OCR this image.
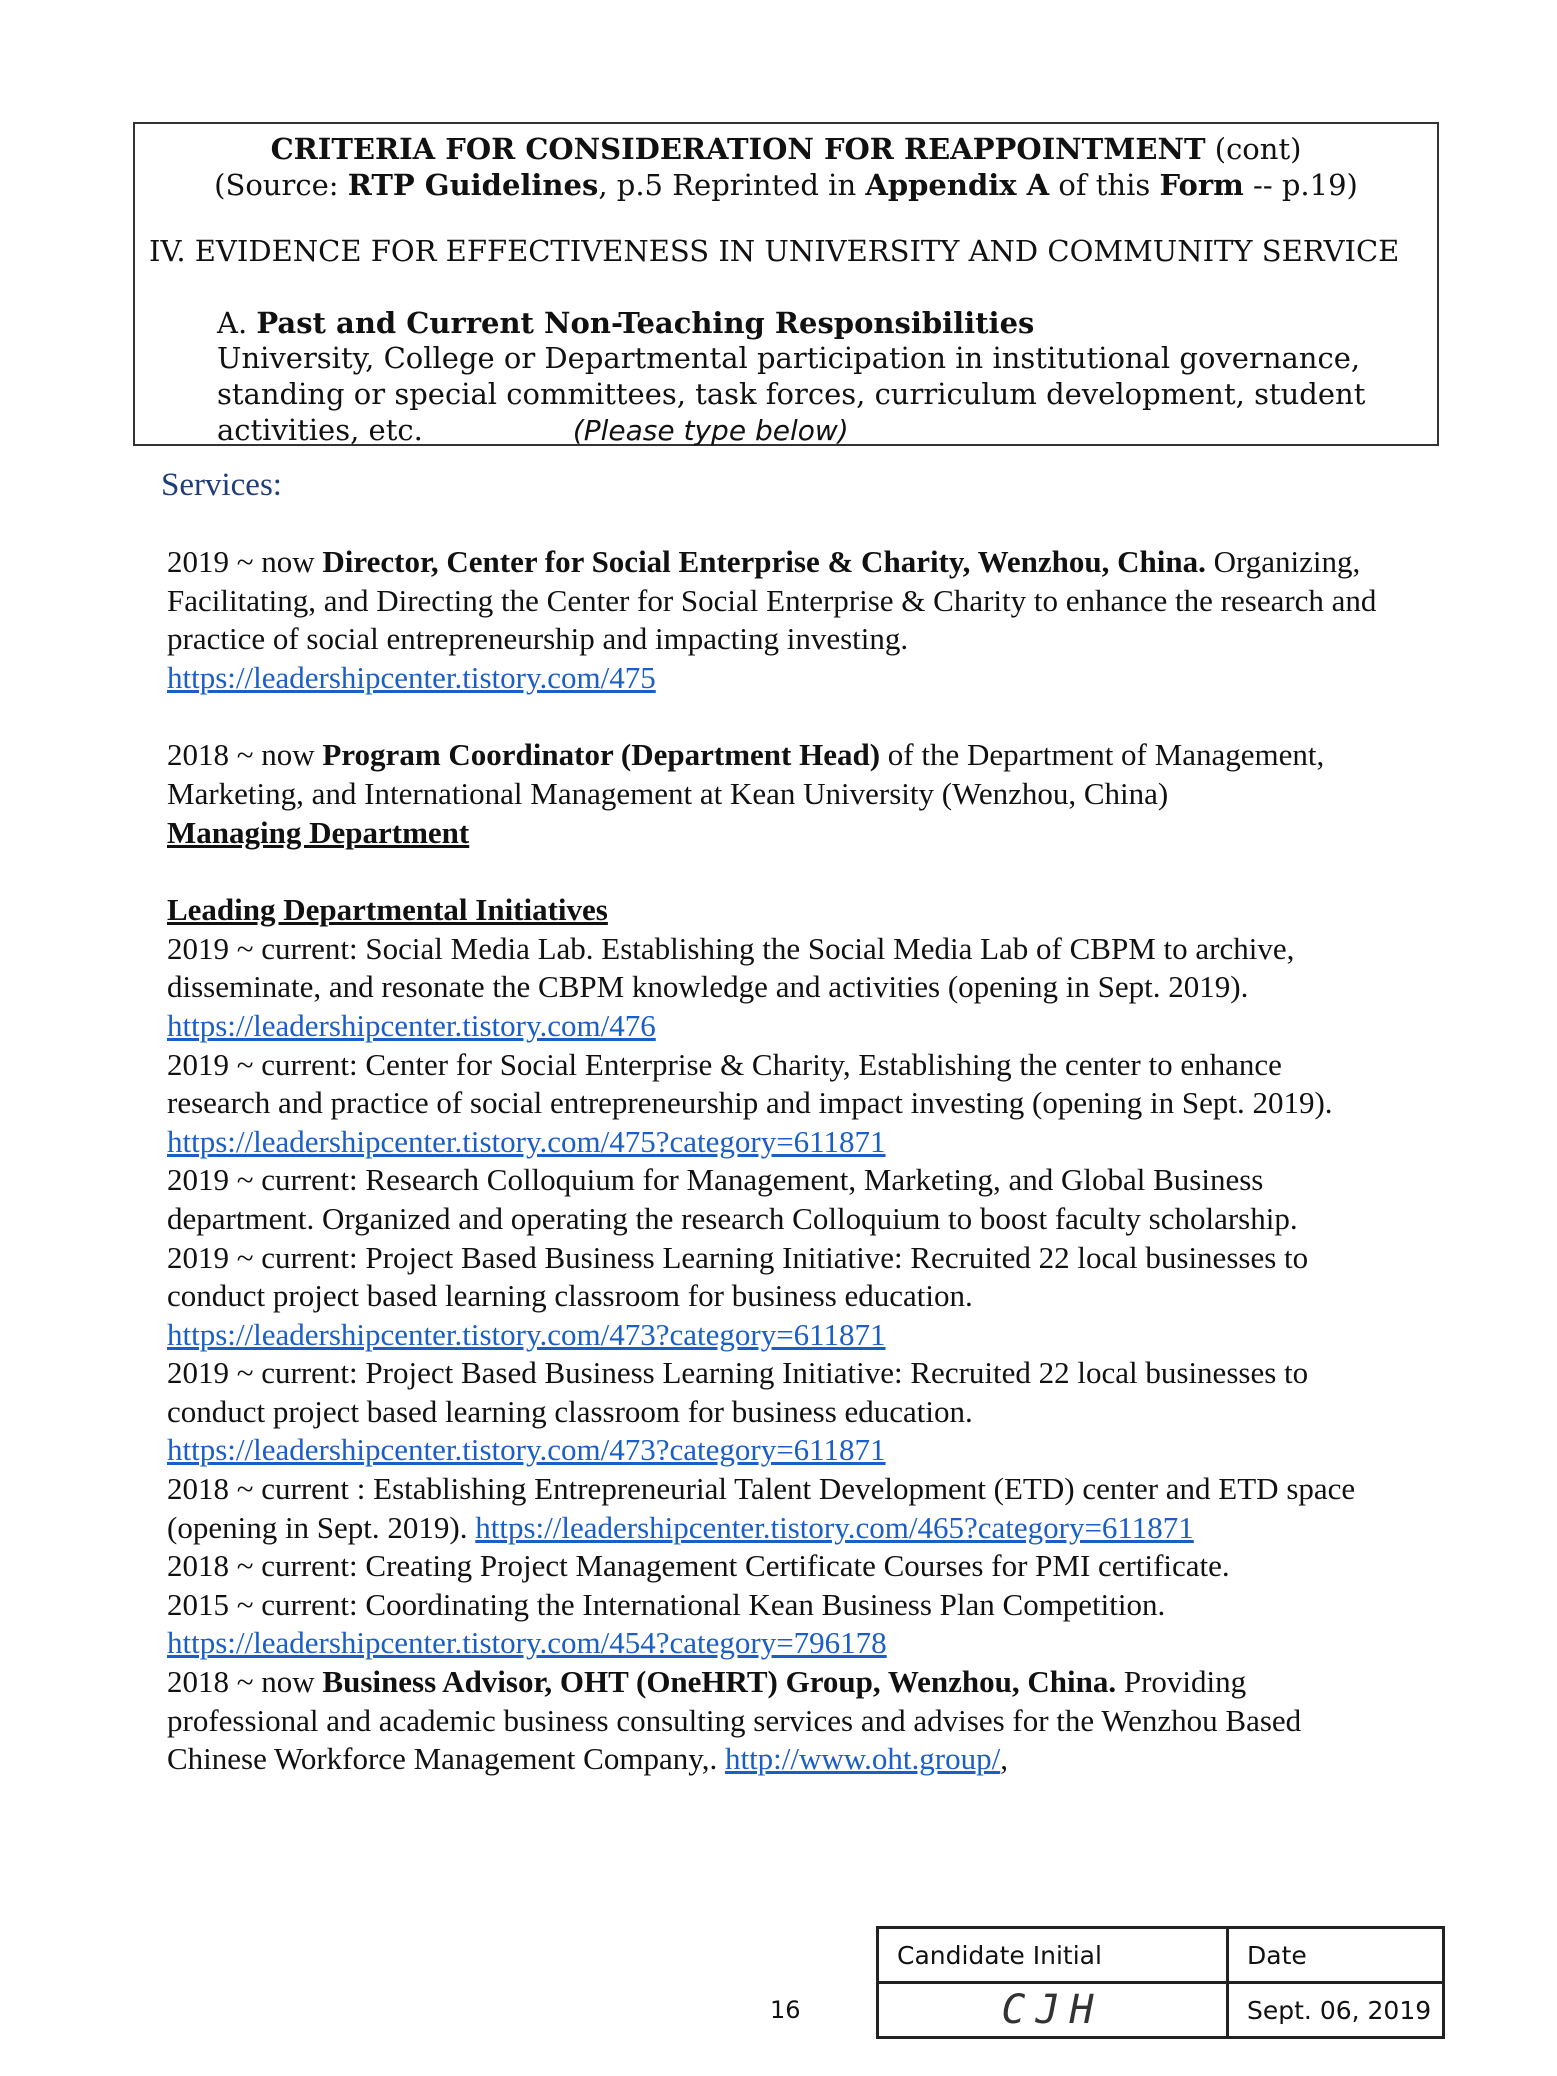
CRITERIA FOR CONSIDERATION FOR REAPPOINTMENT (cont)
(Source: RTP Guidelines, p.5 Reprinted in Appendix A of this Form -- p.19)
IV. EVIDENCE FOR EFFECTIVENESS IN UNIVERSITY AND COMMUNITY SERVICE
A. Past and Current Non-Teaching Responsibilities
University, College or Departmental participation in institutional governance,
standing or special committees, task forces, curriculum development, student
activities, etc.	(Please type below)
Services:
2019 ~ now Director, Center for Social Enterprise & Charity, Wenzhou, China. Organizing,
Facilitating, and Directing the Center for Social Enterprise & Charity to enhance the research and
practice of social entrepreneurship and impacting investing.
https://leadershipcenter.tistory.com/475
2018 ~ now Program Coordinator (Department Head) of the Department of Management,
Marketing, and International Management at Kean University (Wenzhou, China)
Managing Department
Leading Departmental Initiatives
2019 ~ current: Social Media Lab. Establishing the Social Media Lab of CBPM to archive,
disseminate, and resonate the CBPM knowledge and activities (opening in Sept. 2019).
https://leadershipcenter.tistory.com/476
2019 ~ current: Center for Social Enterprise & Charity, Establishing the center to enhance
research and practice of social entrepreneurship and impact investing (opening in Sept. 2019).
https://leadershipcenter.tistory.com/475?category=611871
2019 ~ current: Research Colloquium for Management, Marketing, and Global Business
department. Organized and operating the research Colloquium to boost faculty scholarship.
2019 ~ current: Project Based Business Learning Initiative: Recruited 22 local businesses to
conduct project based learning classroom for business education.
https://leadershipcenter.tistory.com/473?category=611871
2019 ~ current: Project Based Business Learning Initiative: Recruited 22 local businesses to
conduct project based learning classroom for business education.
https://leadershipcenter.tistory.com/473?category=611871
2018 ~ current : Establishing Entrepreneurial Talent Development (ETD) center and ETD space
(opening in Sept. 2019). https://leadershipcenter.tistory.com/465?category=611871
2018 ~ current: Creating Project Management Certificate Courses for PMI certificate.
2015 ~ current: Coordinating the International Kean Business Plan Competition.
https://leadershipcenter.tistory.com/454?category=796178
2018 ~ now Business Advisor, OHT (OneHRT) Group, Wenzhou, China. Providing
professional and academic business consulting services and advises for the Wenzhou Based
Chinese Workforce Management Company,. http://www.oht.group/,
16
Candidate Initial	Date
CJH	Sept. 06, 2019
